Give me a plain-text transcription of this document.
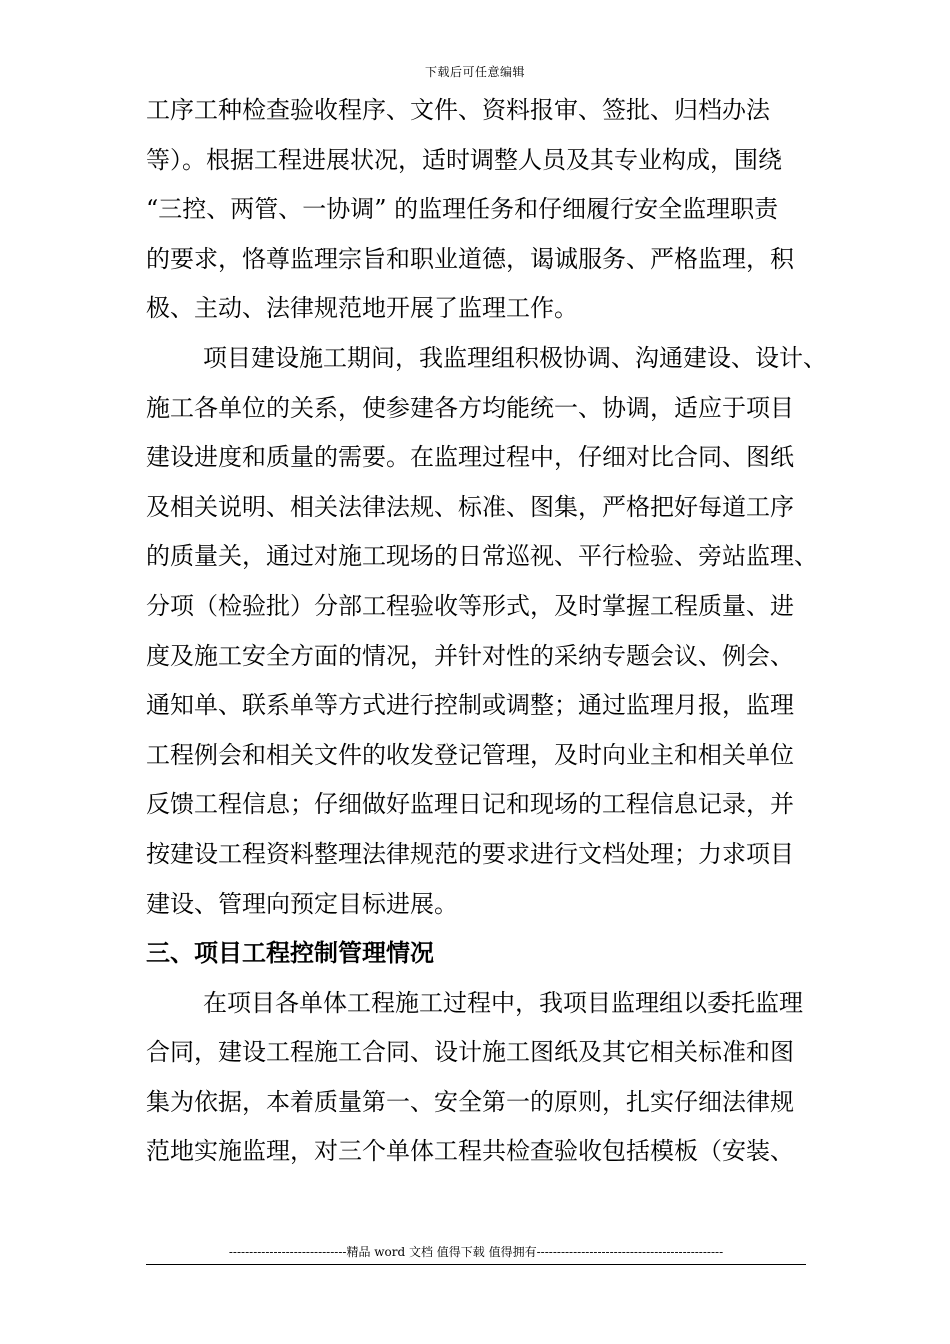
下载后可任意编辑
工序工种检查验收程序、文件、资料报审、签批、归档办法
等）。根据工程进展状况，适时调整人员及其专业构成，围绕
“三控、两管、一协调” 的监理任务和仔细履行安全监理职责
的要求，恪尊监理宗旨和职业道德，谒诚服务、严格监理，积
极、主动、法律规范地开展了监理工作。
项目建设施工期间，我监理组积极协调、沟通建设、设计、
施工各单位的关系，使参建各方均能统一、协调，适应于项目
建设进度和质量的需要。在监理过程中，仔细对比合同、图纸
及相关说明、相关法律法规、标准、图集，严格把好每道工序
的质量关，通过对施工现场的日常巡视、平行检验、旁站监理、
分项（检验批）分部工程验收等形式，及时掌握工程质量、进
度及施工安全方面的情况，并针对性的采纳专题会议、例会、
通知单、联系单等方式进行控制或调整；通过监理月报，监理
工程例会和相关文件的收发登记管理，及时向业主和相关单位
反馈工程信息；仔细做好监理日记和现场的工程信息记录，并
按建设工程资料整理法律规范的要求进行文档处理；力求项目
建设、管理向预定目标进展。
三、项目工程控制管理情况
在项目各单体工程施工过程中，我项目监理组以委托监理
合同，建设工程施工合同、设计施工图纸及其它相关标准和图
集为依据，本着质量第一、安全第一的原则，扎实仔细法律规
范地实施监理，对三个单体工程共检查验收包括模板（安装、
-----------------------------精品 word 文档 值得下载 值得拥有----------------------------------------------
